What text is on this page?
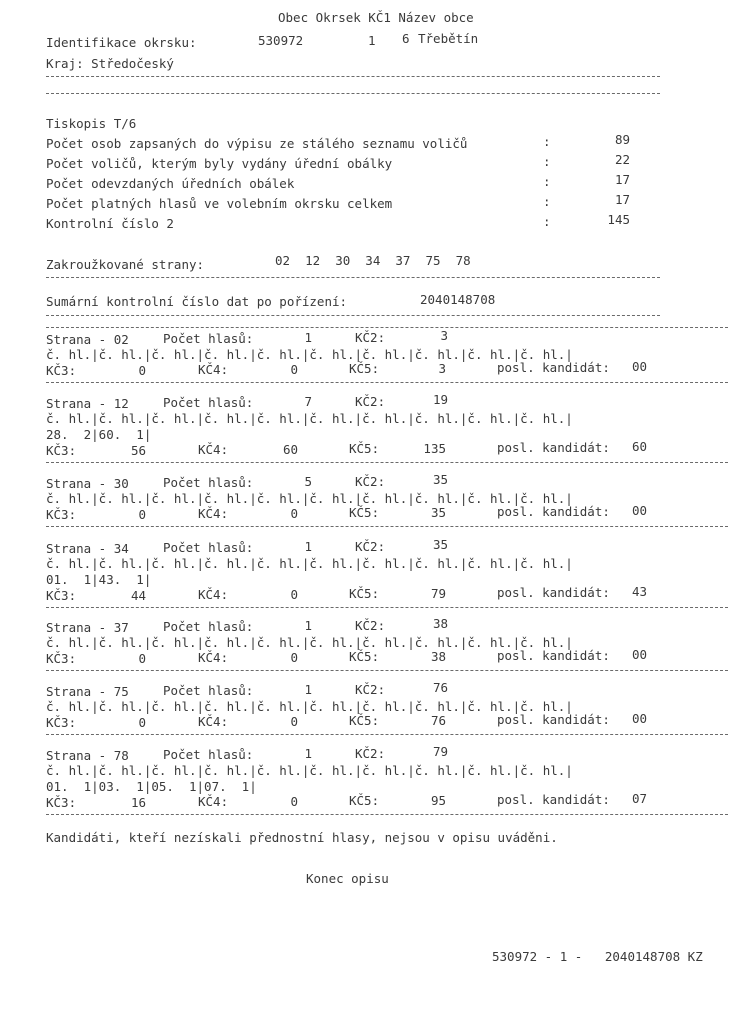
Obec Okrsek KČ1 Název obce
Identifikace okrsku:	530972	1 6 Třebětín
Kraj: Středočeský
Tiskopis T/6
Počet osob zapsaných do výpisu ze stálého seznamu voličů	:	89
Počet voličů, kterým byly vydány úřední obálky	:	22
Počet odevzdaných úředních obálek	:	17
Počet platných hlasů ve volebním okrsku celkem	:	17
Kontrolní číslo 2	:	145
Zakroužkované strany:	02  12  30  34  37  75  78
Sumární kontrolní číslo dat po pořízení:	2040148708
Strana - 02	Počet hlasů:	1	KČ2:	3
č. hl.|č. hl.|č. hl.|č. hl.|č. hl.|č. hl.|č. hl.|č. hl.|č. hl.|č. hl.|
KČ3:	0	KČ4:	0	KČ5:	3	posl. kandidát: 00
Strana - 12	Počet hlasů:	7	KČ2:	19
č. hl.|č. hl.|č. hl.|č. hl.|č. hl.|č. hl.|č. hl.|č. hl.|č. hl.|č. hl.|
28.  2|60.  1|
KČ3:	56	KČ4:	60	KČ5:	135	posl. kandidát: 60
Strana - 30	Počet hlasů:	5	KČ2:	35
č. hl.|č. hl.|č. hl.|č. hl.|č. hl.|č. hl.|č. hl.|č. hl.|č. hl.|č. hl.|
KČ3:	0	KČ4:	0	KČ5:	35	posl. kandidát: 00
Strana - 34	Počet hlasů:	1	KČ2:	35
č. hl.|č. hl.|č. hl.|č. hl.|č. hl.|č. hl.|č. hl.|č. hl.|č. hl.|č. hl.|
01.  1|43.  1|
KČ3:	44	KČ4:	0	KČ5:	79	posl. kandidát: 43
Strana - 37	Počet hlasů:	1	KČ2:	38
č. hl.|č. hl.|č. hl.|č. hl.|č. hl.|č. hl.|č. hl.|č. hl.|č. hl.|č. hl.|
KČ3:	0	KČ4:	0	KČ5:	38	posl. kandidát: 00
Strana - 75	Počet hlasů:	1	KČ2:	76
č. hl.|č. hl.|č. hl.|č. hl.|č. hl.|č. hl.|č. hl.|č. hl.|č. hl.|č. hl.|
KČ3:	0	KČ4:	0	KČ5:	76	posl. kandidát: 00
Strana - 78	Počet hlasů:	1	KČ2:	79
č. hl.|č. hl.|č. hl.|č. hl.|č. hl.|č. hl.|č. hl.|č. hl.|č. hl.|č. hl.|
01.  1|03.  1|05.  1|07.  1|
KČ3:	16	KČ4:	0	KČ5:	95	posl. kandidát: 07
Kandidáti, kteří nezískali přednostní hlasy, nejsou v opisu uváděni.
Konec opisu
530972 - 1 -   2040148708 KZ
